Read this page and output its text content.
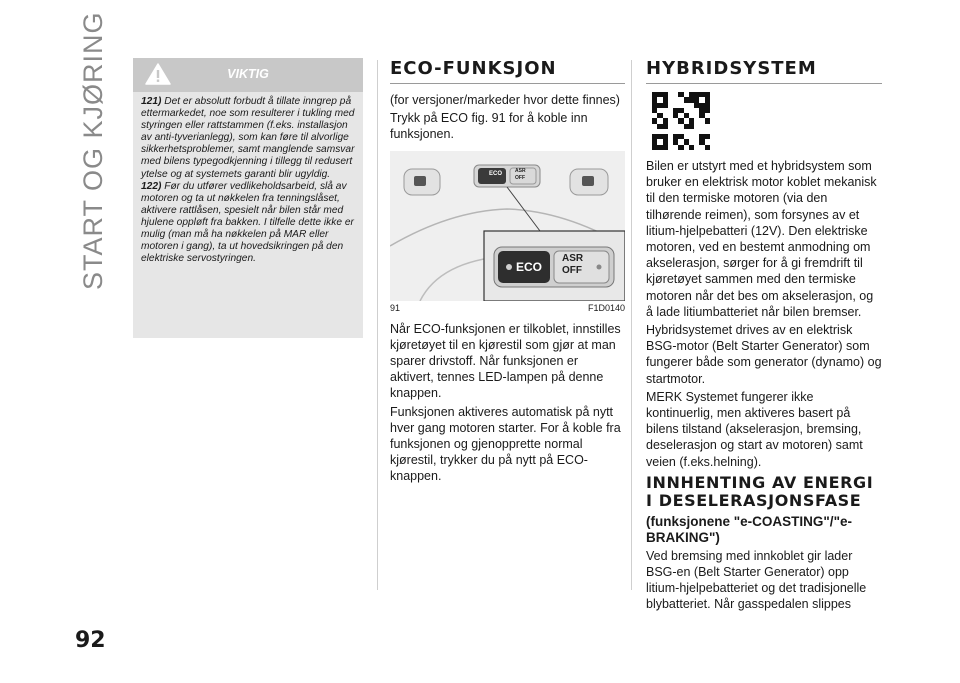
START OG KJØRING
92
VIKTIG

121) Det er absolutt forbudt å tillate inngrep på ettermarkedet, noe som resulterer i tukling med styringen eller rattstammen (f.eks. installasjon av anti-tyverianlegg), som kan føre til alvorlige sikkerhetsproblemer, samt manglende samsvar med bilens typegodkjenning i tillegg til redusert ytelse og at systemets garanti blir ugyldig.

122) Før du utfører vedlikeholdsarbeid, slå av motoren og ta ut nøkkelen fra tenningslåset, aktivere rattlåsen, spesielt når bilen står med hjulene oppløft fra bakken. I tilfelle dette ikke er mulig (man må ha nøkkelen på MAR eller motoren i gang), ta ut hovedsikringen på den elektriske servostyringen.

ECO-FUNKSJON

(for versjoner/markeder hvor dette finnes)

Trykk på ECO fig. 91 for å koble inn funksjonen.

ECO	ASR
OFF
ECO
ASR
OFF
91	F1D0140

Når ECO-funksjonen er tilkoblet, innstilles kjøretøyet til en kjørestil som gjør at man sparer drivstoff. Når funksjonen er aktivert, tennes LED-lampen på denne knappen.

Funksjonen aktiveres automatisk på nytt hver gang motoren starter. For å koble fra funksjonen og gjenopprette normal kjørestil, trykker du på nytt på ECO-knappen.

HYBRIDSYSTEM

Bilen er utstyrt med et hybridsystem som bruker en elektrisk motor koblet mekanisk til den termiske motoren (via den tilhørende reimen), som forsynes av et litium-hjelpebatteri (12V). Den elektriske motoren, ved en bestemt anmodning om akselerasjon, sørger for å gi fremdrift til kjøretøyet sammen med den termiske motoren når det bes om akselerasjon, og å lade litiumbatteriet når bilen bremser.

Hybridsystemet drives av en elektrisk BSG-motor (Belt Starter Generator) som fungerer både som generator (dynamo) og startmotor.

MERK Systemet fungerer ikke kontinuerlig, men aktiveres basert på bilens tilstand (akselerasjon, bremsing, deselerasjon og start av motoren) samt veien (f.eks.helning).

INNHENTING AV ENERGI
I DESELERASJONSFASE
(funksjonene "e-COASTING"/"e-BRAKING")

Ved bremsing med innkoblet gir lader BSG-en (Belt Starter Generator) opp litium-hjelpebatteriet og det tradisjonelle blybatteriet. Når gasspedalen slippes
